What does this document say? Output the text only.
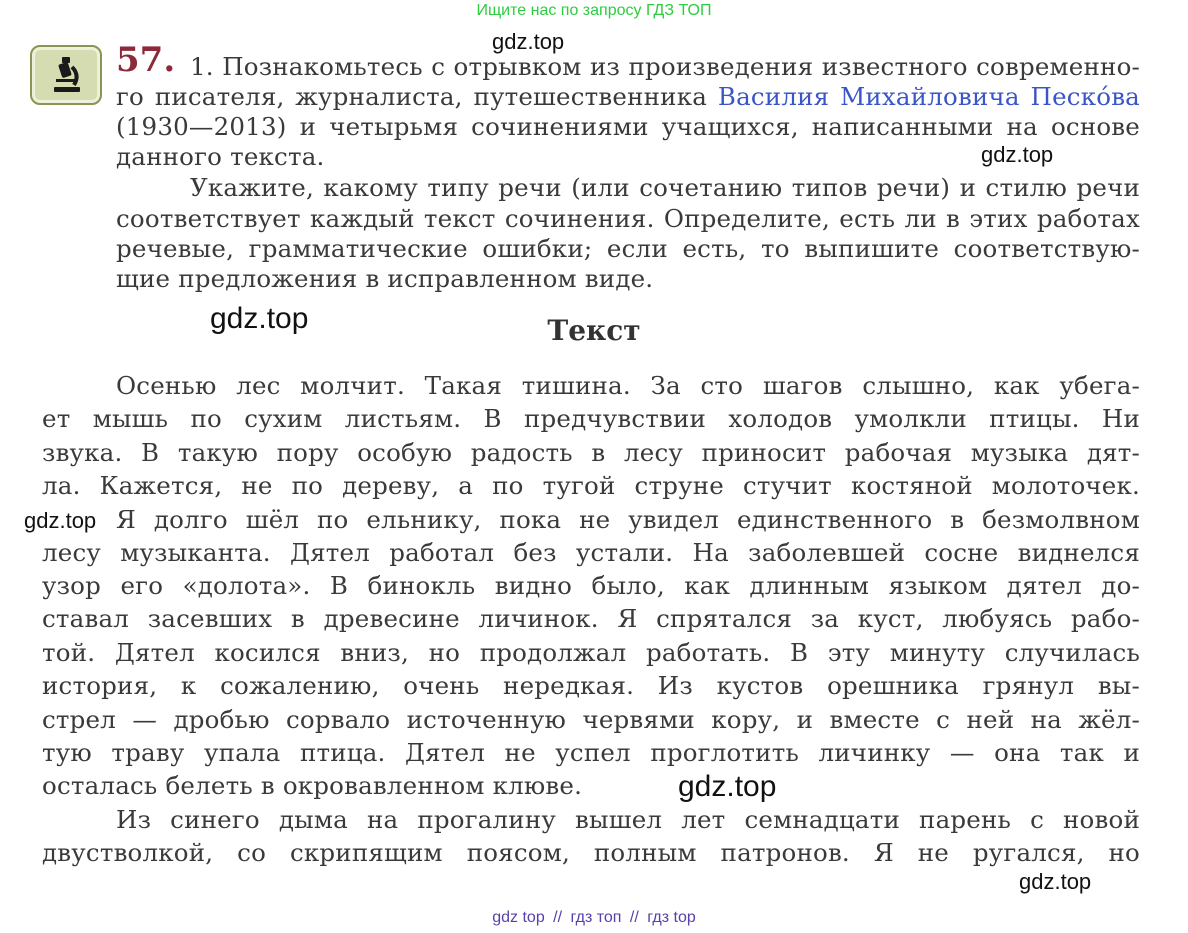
Ищите нас по запросу ГДЗ ТОП
gdz.top
gdz.top
gdz.top
gdz.top
gdz.top
gdz.top
57. 1. Познакомьтесь с отрывком из произведения известного современно-
го писателя, журналиста, путешественника Василия Михайловича Песко́ва
(1930—2013) и четырьмя сочинениями учащихся, написанными на основе
данного текста.
Укажите, какому типу речи (или сочетанию типов речи) и стилю речи
соответствует каждый текст сочинения. Определите, есть ли в этих работах
речевые, грамматические ошибки; если есть, то выпишите соответствую-
щие предложения в исправленном виде.
Текст
Осенью лес молчит. Такая тишина. За сто шагов слышно, как убега-
ет мышь по сухим листьям. В предчувствии холодов умолкли птицы. Ни
звука. В такую пору особую радость в лесу приносит рабочая музыка дят-
ла. Кажется, не по дереву, а по тугой струне стучит костяной молоточек.
Я долго шёл по ельнику, пока не увидел единственного в безмолвном
лесу музыканта. Дятел работал без устали. На заболевшей сосне виднелся
узор его «долота». В бинокль видно было, как длинным языком дятел до-
ставал засевших в древесине личинок. Я спрятался за куст, любуясь рабо-
той. Дятел косился вниз, но продолжал работать. В эту минуту случилась
история, к сожалению, очень нередкая. Из кустов орешника грянул вы-
стрел — дробью сорвало источенную червями кору, и вместе с ней на жёл-
тую траву упала птица. Дятел не успел проглотить личинку — она так и
осталась белеть в окровавленном клюве.
Из синего дыма на прогалину вышел лет семнадцати парень с новой
двустволкой, со скрипящим поясом, полным патронов. Я не ругался, но
gdz top // гдз топ // гдз top
